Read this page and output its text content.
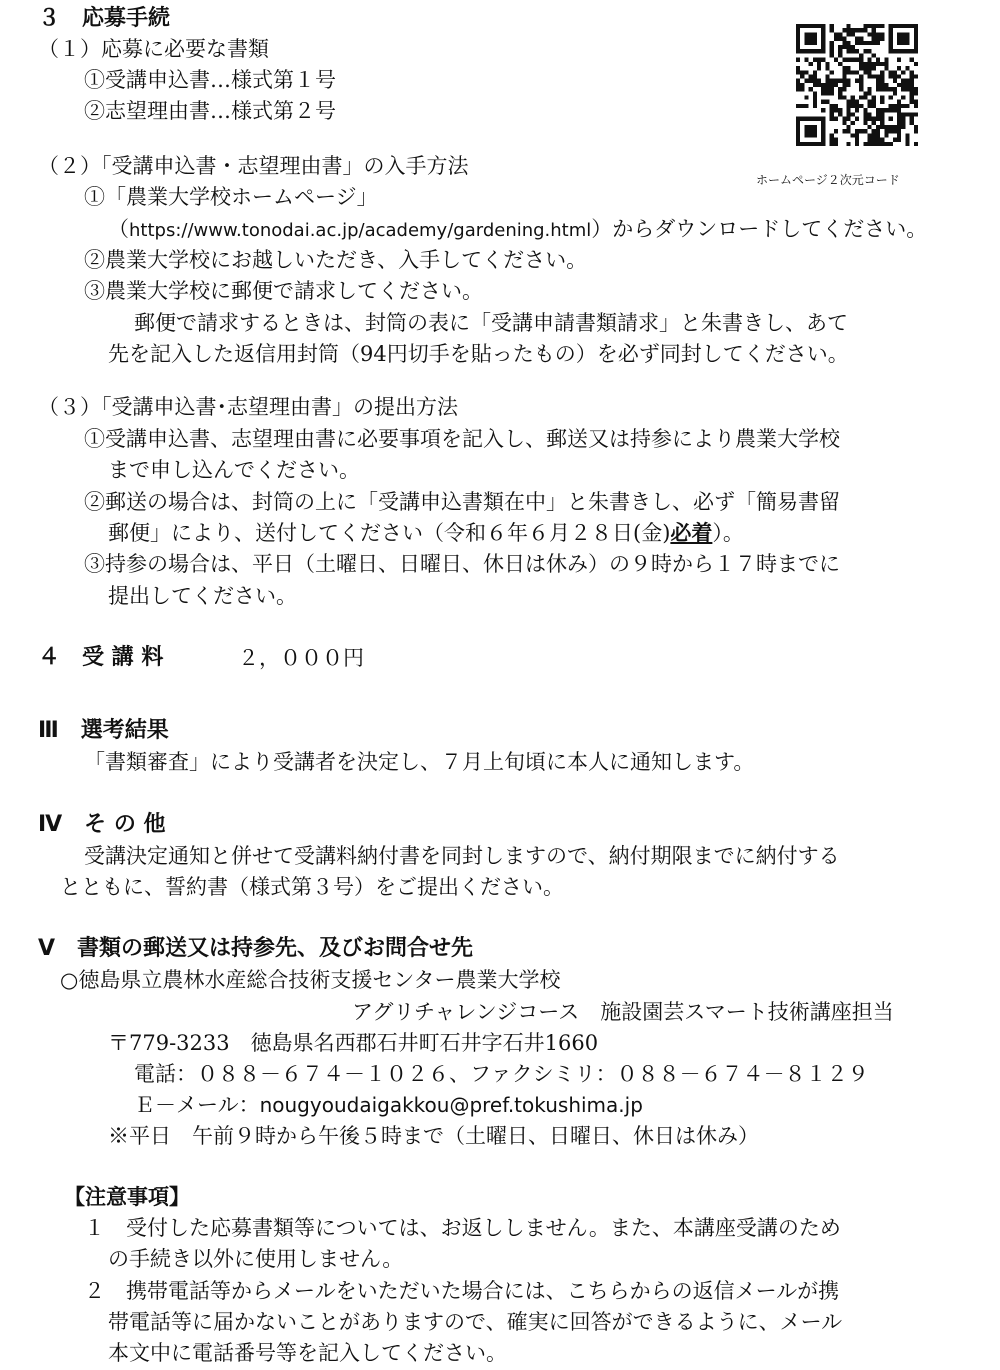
３　応募手続
（１）応募に必要な書類
①受講申込書…様式第１号
②志望理由書…様式第２号
（２）「受講申込書・志望理由書」の入手方法
①「農業大学校ホームページ」
（https://www.tonodai.ac.jp/academy/gardening.html）からダウンロードしてください。
②農業大学校にお越しいただき、入手してください。
③農業大学校に郵便で請求してください。
郵便で請求するときは、封筒の表に「受講申請書類請求」と朱書きし、あて
先を記入した返信用封筒（94円切手を貼ったもの）を必ず同封してください。
（３）「受講申込書･志望理由書」の提出方法
①受講申込書、志望理由書に必要事項を記入し、郵送又は持参により農業大学校
まで申し込んでください。
②郵送の場合は、封筒の上に「受講申込書類在中」と朱書きし、必ず「簡易書留
郵便」により、送付してください（令和６年６月２８日(金)必着）。
③持参の場合は、平日（土曜日、日曜日、休日は休み）の９時から１７時までに
提出してください。
４　受 講 料	２，０００円
Ⅲ　選考結果
「書類審査」により受講者を決定し、７月上旬頃に本人に通知します。
Ⅳ　そ の 他
受講決定通知と併せて受講料納付書を同封しますので、納付期限までに納付する
とともに、誓約書（様式第３号）をご提出ください。
Ⅴ　書類の郵送又は持参先、及びお問合せ先
○徳島県立農林水産総合技術支援センター農業大学校
アグリチャレンジコース　施設園芸スマート技術講座担当
〒779-3233　徳島県名西郡石井町石井字石井1660
電話：０８８－６７４－１０２６、ファクシミリ：０８８－６７４－８１２９
Ｅ－メール：nougyoudaigakkou@pref.tokushima.jp
※平日　午前９時から午後５時まで（土曜日、日曜日、休日は休み）
【注意事項】
１　受付した応募書類等については、お返ししません。また、本講座受講のため
の手続き以外に使用しません。
２　携帯電話等からメールをいただいた場合には、こちらからの返信メールが携
帯電話等に届かないことがありますので、確実に回答ができるように、メール
本文中に電話番号等を記入してください。
ホームページ２次元コード
